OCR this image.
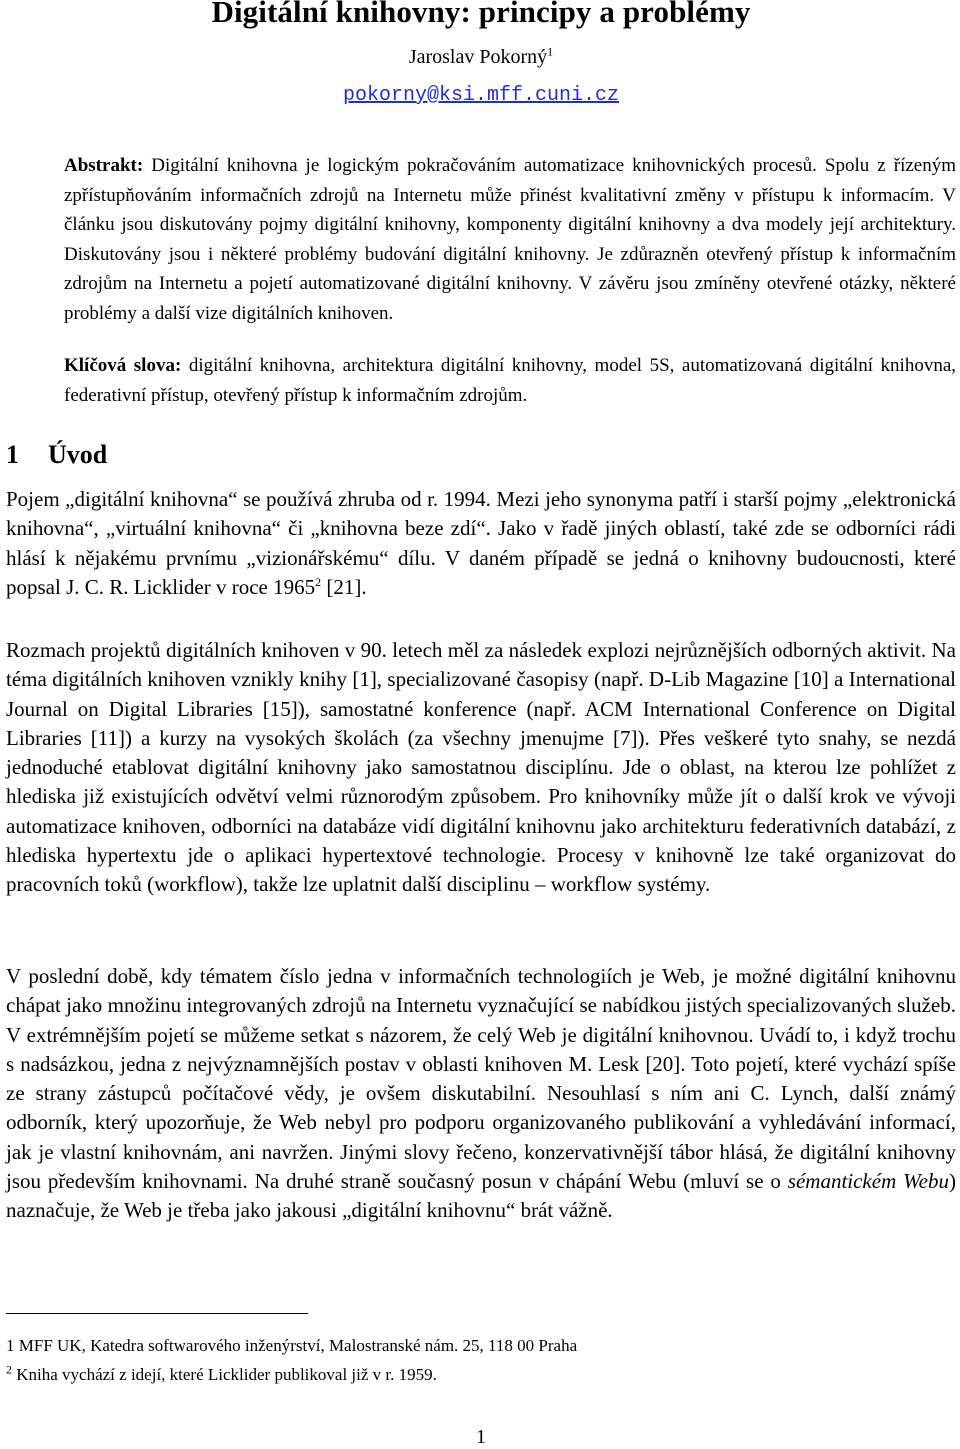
Digitální knihovny: principy a problémy
Jaroslav Pokorný$^1$
pokorny@ksi.mff.cuni.cz

Abstrakt: Digitální knihovna je logickým pokračováním automatizace knihovnických procesů. Spolu z řízeným zpřístupňováním informačních zdrojů na Internetu může přinést kvalitativní změny v přístupu k informacím. V článku jsou diskutovány pojmy digitální knihovny, komponenty digitální knihovny a dva modely její architektury. Diskutovány jsou i některé problémy budování digitální knihovny. Je zdůrazněn otevřený přístup k informačním zdrojům na Internetu a pojetí automatizované digitální knihovny. V závěru jsou zmíněny otevřené otázky, některé problémy a další vize digitálních knihoven.

Klíčová slova: digitální knihovna, architektura digitální knihovny, model 5S, automatizovaná digitální knihovna, federativní přístup, otevřený přístup k informačním zdrojům.

1 Úvod

Pojem „digitální knihovna“ se používá zhruba od r. 1994. Mezi jeho synonyma patří i starší pojmy „elektronická knihovna“, „virtuální knihovna“ či „knihovna beze zdí“. Jako v řadě jiných oblastí, také zde se odborníci rádi hlásí k nějakému prvnímu „vizionářskému“ dílu. V daném případě se jedná o knihovny budoucnosti, které popsal J. C. R. Licklider v roce 1965$^2$ [21].

Rozmach projektů digitálních knihoven v 90. letech měl za následek explozi nejrůznějších odborných aktivit. Na téma digitálních knihoven vznikly knihy [1], specializované časopisy (např. D-Lib Magazine [10] a International Journal on Digital Libraries [15]), samostatné konference (např. ACM International Conference on Digital Libraries [11]) a kurzy na vysokých školách (za všechny jmenujme [7]). Přes veškeré tyto snahy, se nezdá jednoduché etablovat digitální knihovny jako samostatnou disciplínu. Jde o oblast, na kterou lze pohlížet z hlediska již existujících odvětví velmi různorodým způsobem. Pro knihovníky může jít o další krok ve vývoji automatizace knihoven, odborníci na databáze vidí digitální knihovnu jako architekturu federativních databází, z hlediska hypertextu jde o aplikaci hypertextové technologie. Procesy v knihovně lze také organizovat do pracovních toků (workflow), takže lze uplatnit další disciplinu – workflow systémy.

V poslední době, kdy tématem číslo jedna v informačních technologiích je Web, je možné digitální knihovnu chápat jako množinu integrovaných zdrojů na Internetu vyznačující se nabídkou jistých specializovaných služeb. V extrémnějším pojetí se můžeme setkat s názorem, že celý Web je digitální knihovnou. Uvádí to, i když trochu s nadsázkou, jedna z nejvýznamnějších postav v oblasti knihoven M. Lesk [20]. Toto pojetí, které vychází spíše ze strany zástupců počítačové vědy, je ovšem diskutabilní. Nesouhlasí s ním ani C. Lynch, další známý odborník, který upozorňuje, že Web nebyl pro podporu organizovaného publikování a vyhledávání informací, jak je vlastní knihovnám, ani navržen. Jinými slovy řečeno, konzervativnější tábor hlásá, že digitální knihovny jsou především knihovnami. Na druhé straně současný posun v chápání Webu (mluví se o sémantickém Webu) naznačuje, že Web je třeba jako jakousi „digitální knihovnu“ brát vážně.

1 MFF UK, Katedra softwarového inženýrství, Malostranské nám. 25, 118 00 Praha

$^2$ Kniha vychází z idejí, které Licklider publikoval již v r. 1959.

1
